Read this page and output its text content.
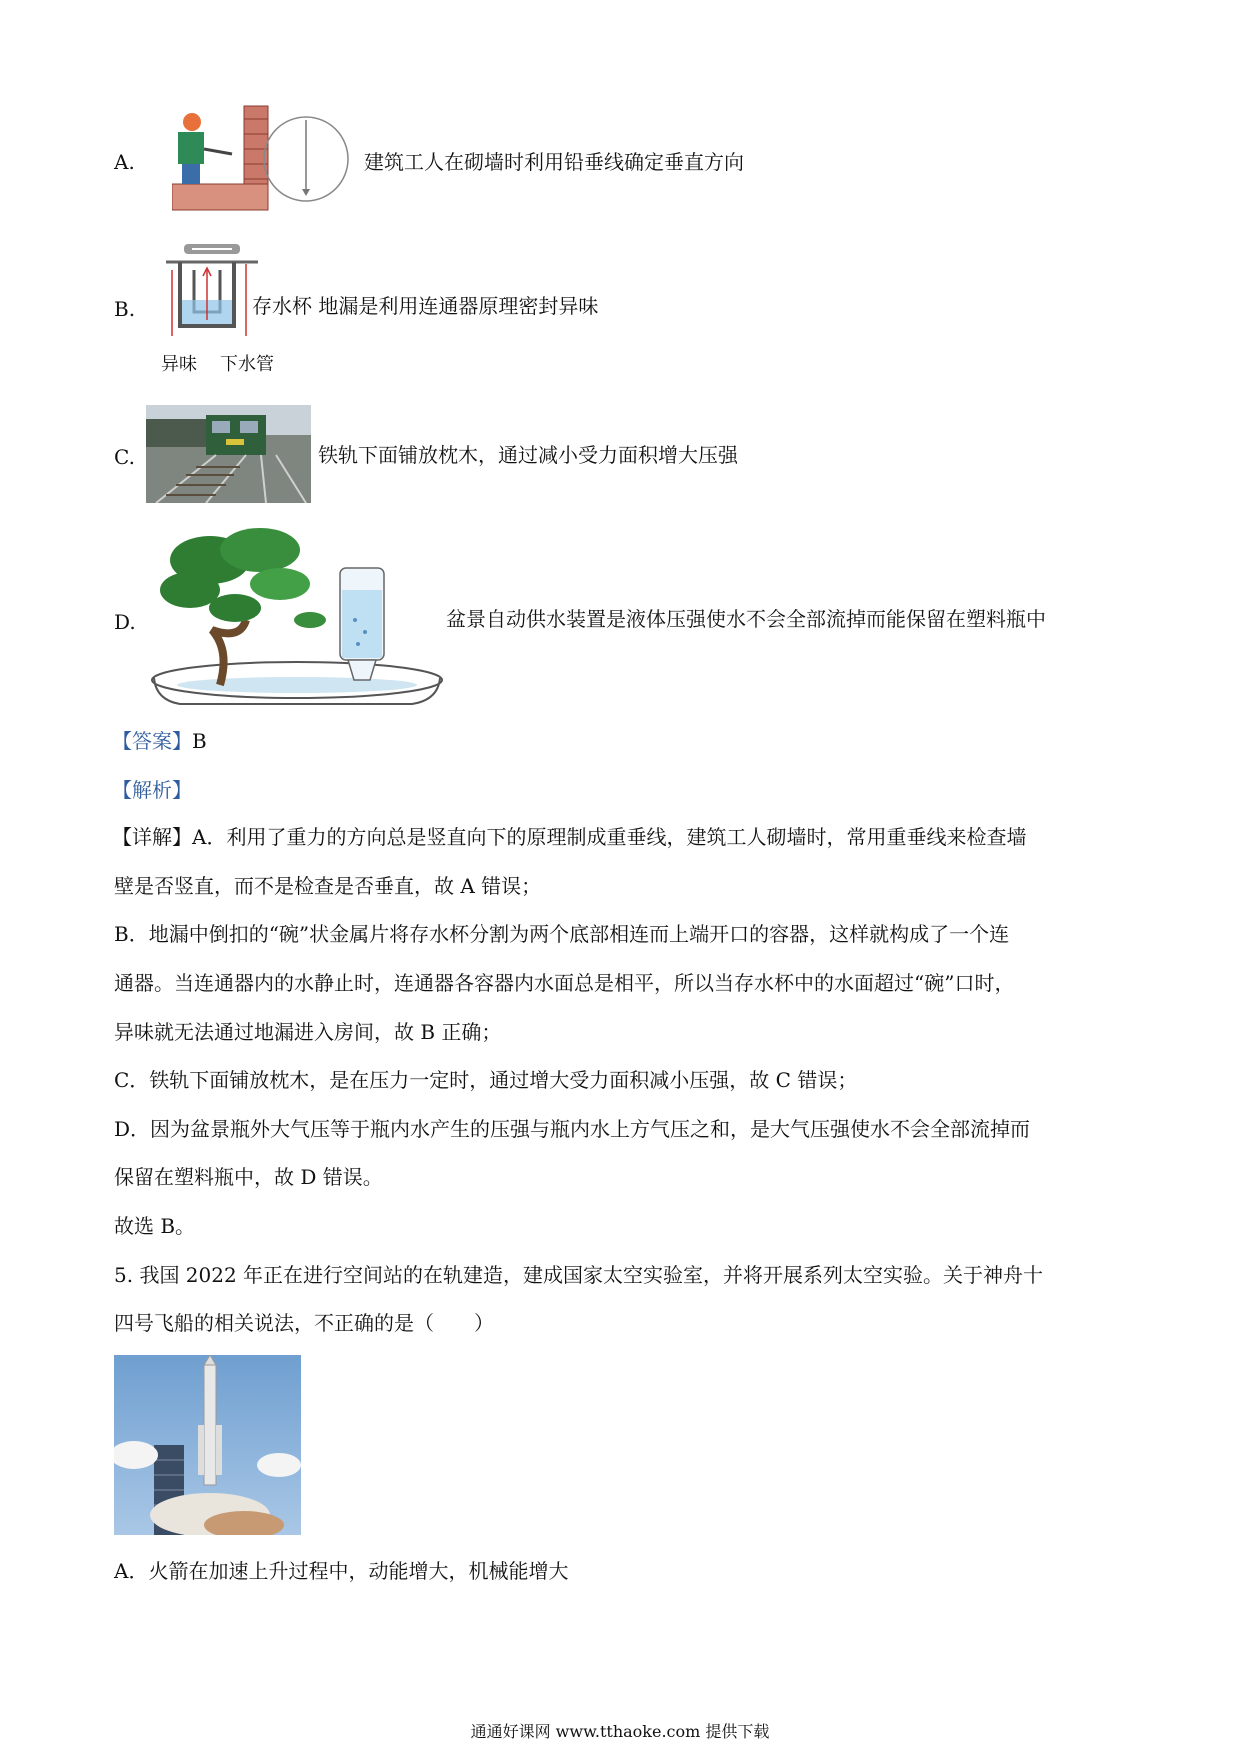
A.	建筑工人在砌墙时利用铅垂线确定垂直方向
B.	存水杯 地漏是利用连通器原理密封异味
异味 下水管
C.	铁轨下面铺放枕木，通过减小受力面积增大压强
D.	盆景自动供水装置是液体压强使水不会全部流掉而能保留在塑料瓶中
【答案】B
【解析】
【详解】A．利用了重力的方向总是竖直向下的原理制成重垂线，建筑工人砌墙时，常用重垂线来检查墙
壁是否竖直，而不是检查是否垂直，故 A 错误；
B．地漏中倒扣的“碗”状金属片将存水杯分割为两个底部相连而上端开口的容器，这样就构成了一个连
通器。当连通器内的水静止时，连通器各容器内水面总是相平，所以当存水杯中的水面超过“碗”口时，
异味就无法通过地漏进入房间，故 B 正确；
C．铁轨下面铺放枕木，是在压力一定时，通过增大受力面积减小压强，故 C 错误；
D．因为盆景瓶外大气压等于瓶内水产生的压强与瓶内水上方气压之和，是大气压强使水不会全部流掉而
保留在塑料瓶中，故 D 错误。
故选 B。
5. 我国 2022 年正在进行空间站的在轨建造，建成国家太空实验室，并将开展系列太空实验。关于神舟十
四号飞船的相关说法，不正确的是（　　）
A．火箭在加速上升过程中，动能增大，机械能增大
通通好课网 www.tthaoke.com 提供下载
